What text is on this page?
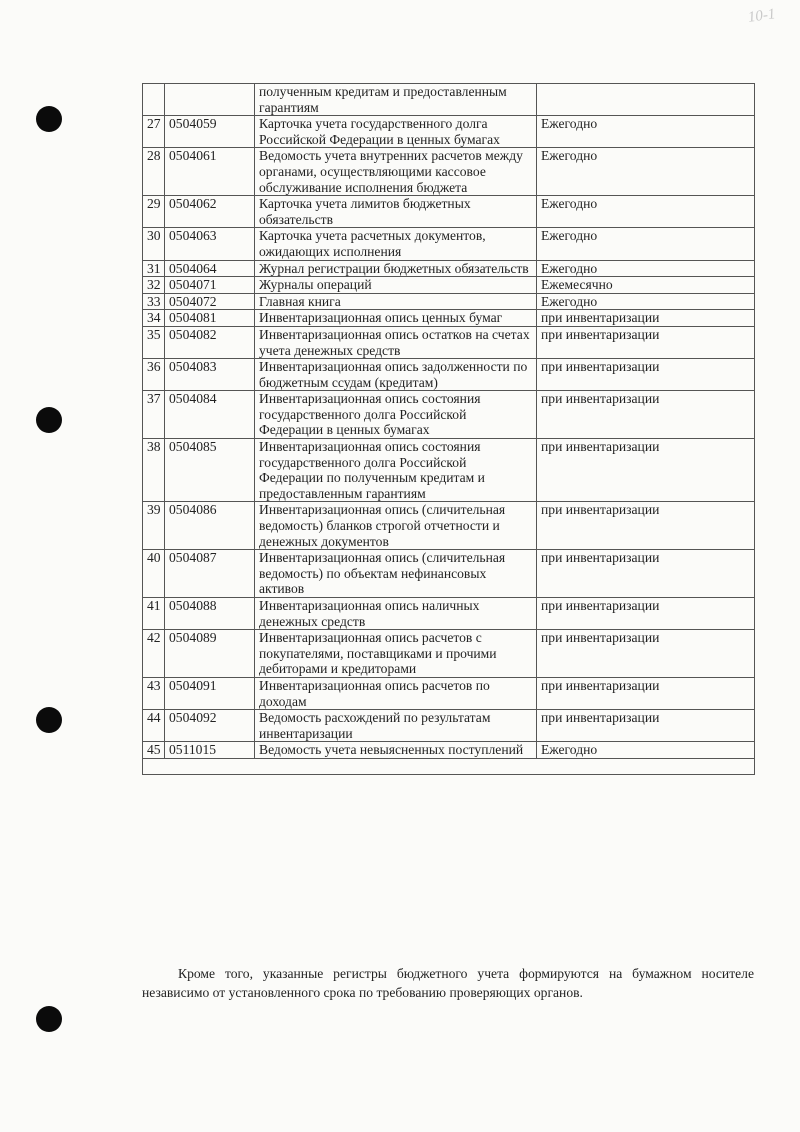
10-1
		полученным кредитам и предоставленным гарантиям	
27	0504059	Карточка учета государственного долга Российской Федерации в ценных бумагах	Ежегодно
28	0504061	Ведомость учета внутренних расчетов между органами, осуществляющими кассовое обслуживание исполнения бюджета	Ежегодно
29	0504062	Карточка учета лимитов бюджетных обязательств	Ежегодно
30	0504063	Карточка учета расчетных документов, ожидающих исполнения	Ежегодно
31	0504064	Журнал регистрации бюджетных обязательств	Ежегодно
32	0504071	Журналы операций	Ежемесячно
33	0504072	Главная книга	Ежегодно
34	0504081	Инвентаризационная опись ценных бумаг	при инвентаризации
35	0504082	Инвентаризационная опись остатков на счетах учета денежных средств	при инвентаризации
36	0504083	Инвентаризационная опись задолженности по бюджетным ссудам (кредитам)	при инвентаризации
37	0504084	Инвентаризационная опись состояния государственного долга Российской Федерации в ценных бумагах	при инвентаризации
38	0504085	Инвентаризационная опись состояния государственного долга Российской Федерации по полученным кредитам и предоставленным гарантиям	при инвентаризации
39	0504086	Инвентаризационная опись (сличительная ведомость) бланков строгой отчетности и денежных документов	при инвентаризации
40	0504087	Инвентаризационная опись (сличительная ведомость) по объектам нефинансовых активов	при инвентаризации
41	0504088	Инвентаризационная опись наличных денежных средств	при инвентаризации
42	0504089	Инвентаризационная опись расчетов с покупателями, поставщиками и прочими дебиторами и кредиторами	при инвентаризации
43	0504091	Инвентаризационная опись расчетов по доходам	при инвентаризации
44	0504092	Ведомость расхождений по результатам инвентаризации	при инвентаризации
45	0511015	Ведомость учета невыясненных поступлений	Ежегодно

Кроме того, указанные регистры бюджетного учета формируются на бумажном носителе независимо от установленного срока по требованию проверяющих органов.
